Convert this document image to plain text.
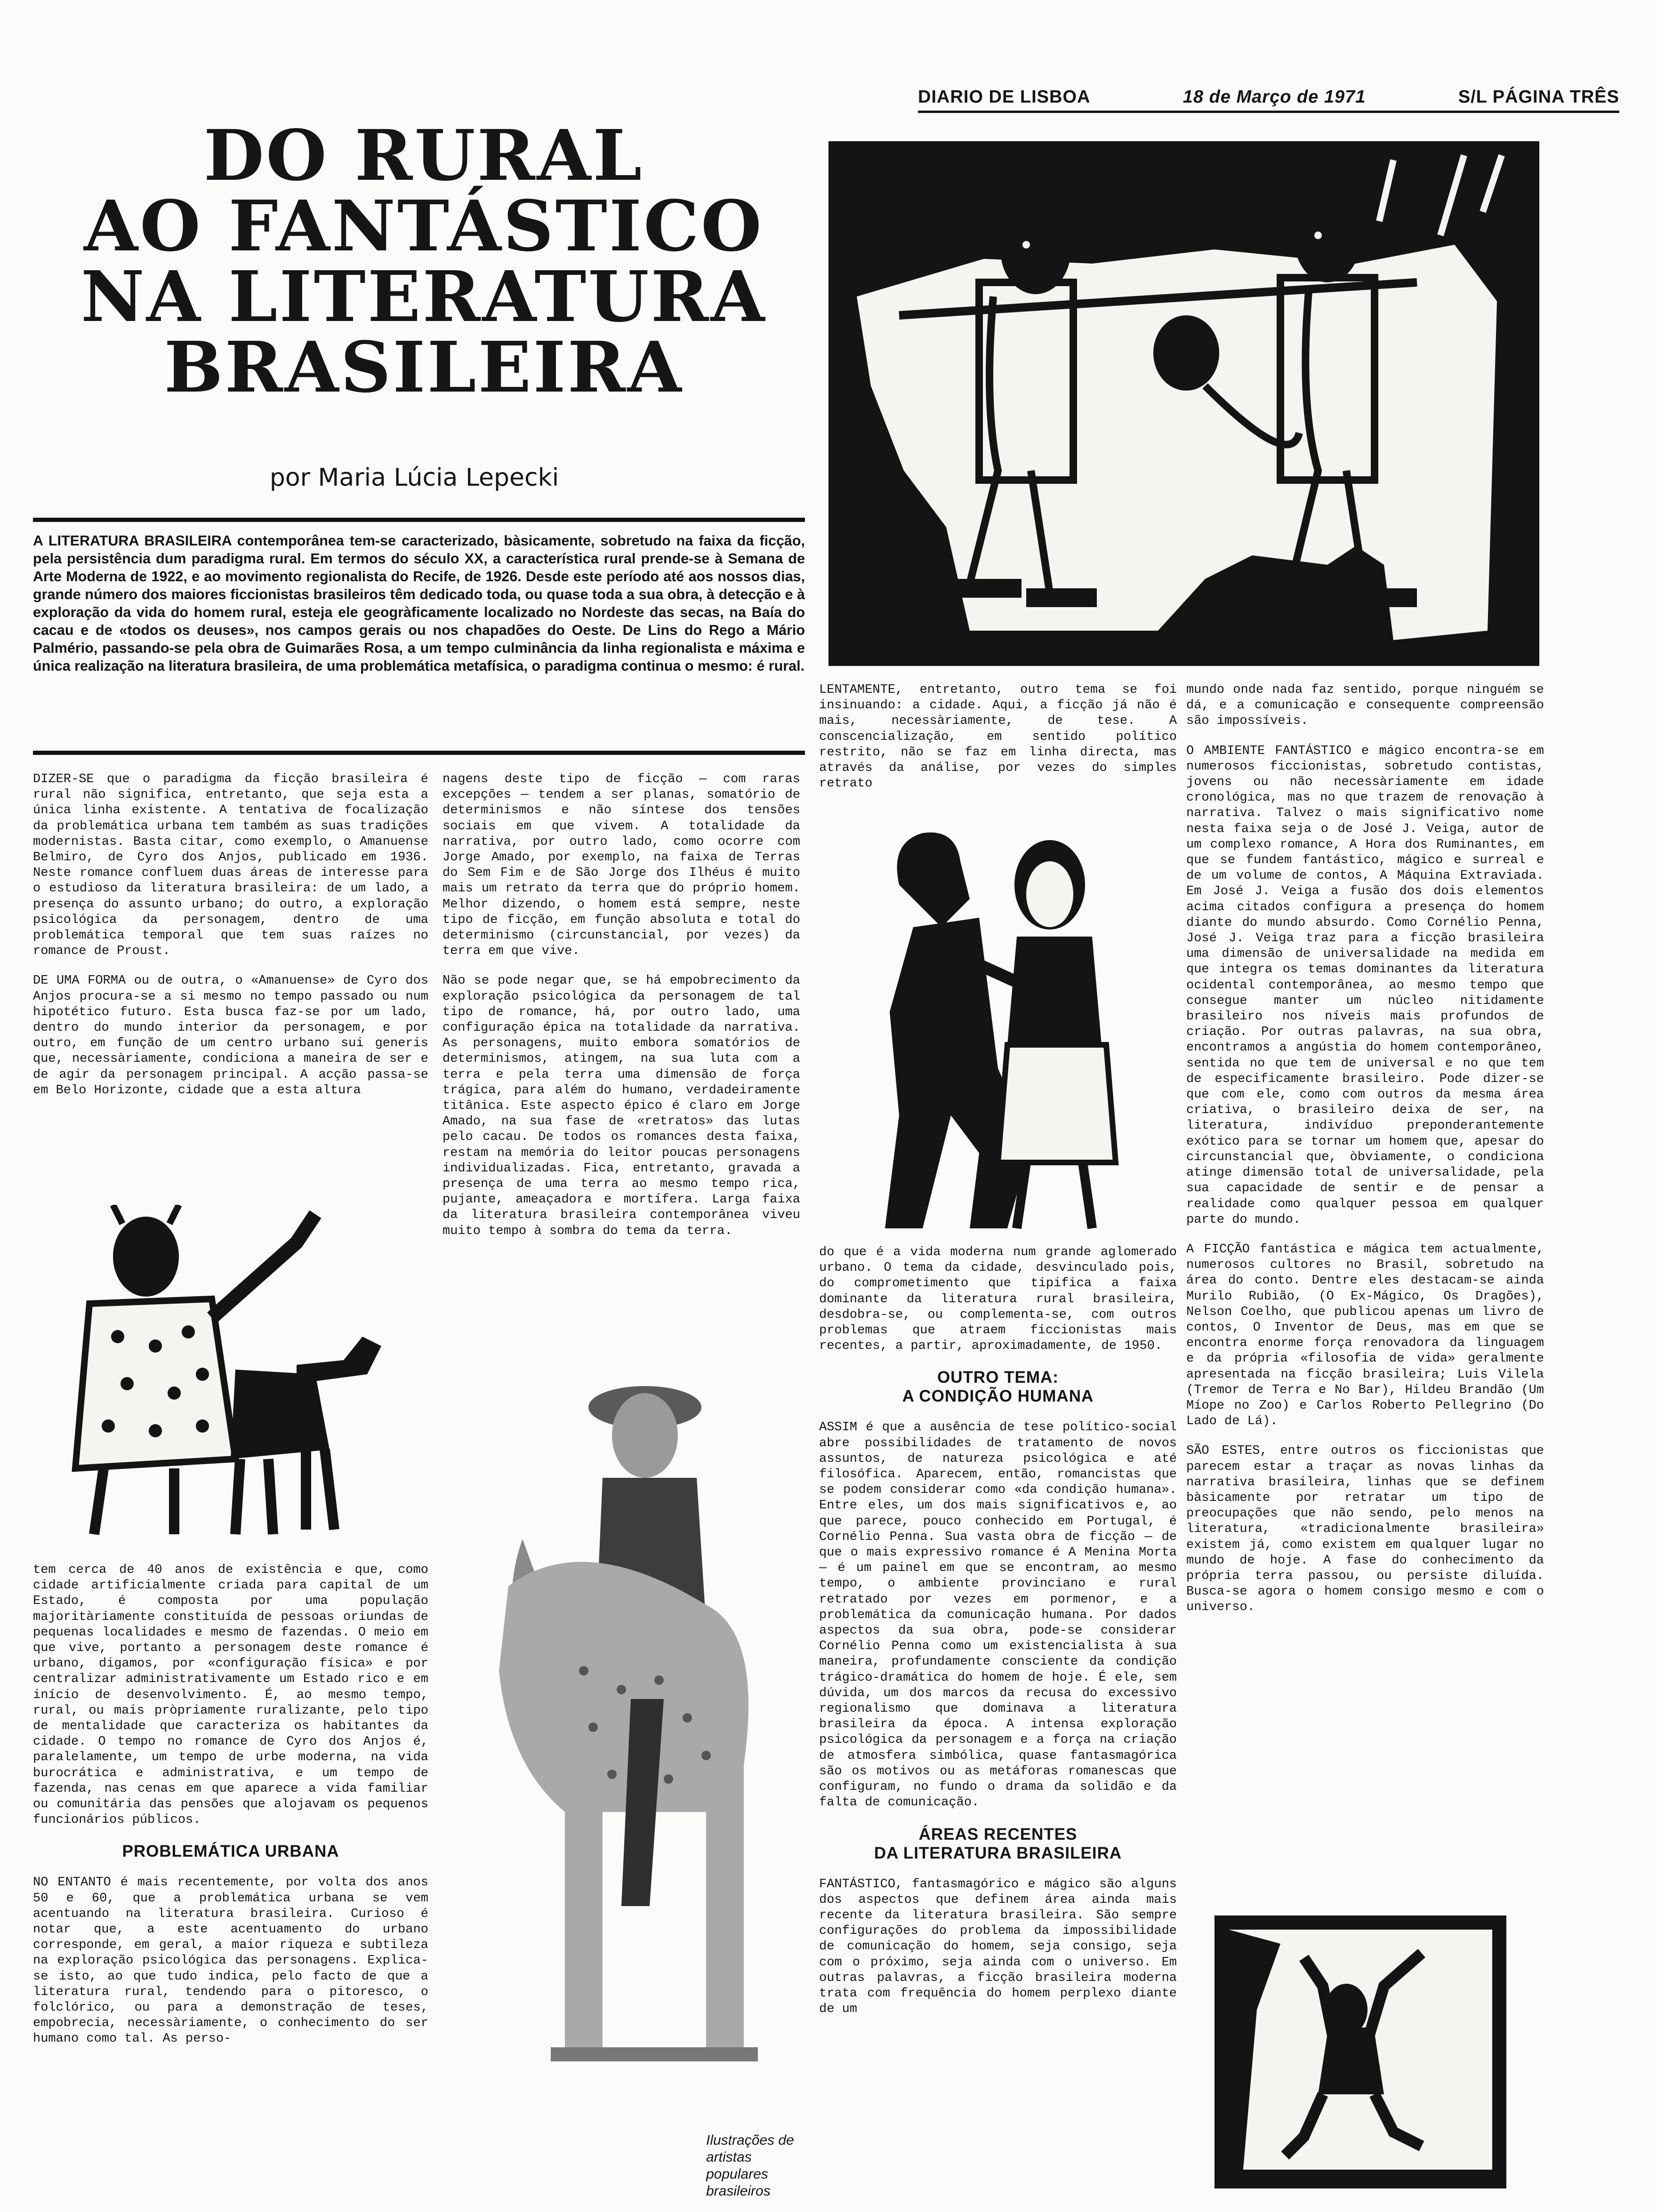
DIARIO DE LISBOA	18 de Março de 1971	S/L PÁGINA TRÊS
DO RURAL
AO FANTÁSTICO
NA LITERATURA
BRASILEIRA
por Maria Lúcia Lepecki
A LITERATURA BRASILEIRA contemporânea tem-se caracterizado, bàsicamente, sobretudo na faixa da ficção, pela persistência dum paradigma rural. Em termos do século XX, a característica rural prende-se à Semana de Arte Moderna de 1922, e ao movimento regionalista do Recife, de 1926. Desde este período até aos nossos dias, grande número dos maiores ficcionistas brasileiros têm dedicado toda, ou quase toda a sua obra, à detecção e à exploração da vida do homem rural, esteja ele geogràficamente localizado no Nordeste das secas, na Baía do cacau e de «todos os deuses», nos campos gerais ou nos chapadões do Oeste. De Lins do Rego a Mário Palmério, passando-se pela obra de Guimarães Rosa, a um tempo culminância da linha regionalista e máxima e única realização na literatura brasileira, de uma problemática metafísica, o paradigma continua o mesmo: é rural.

DIZER-SE que o paradigma da ficção brasileira é rural não significa, entretanto, que seja esta a única linha existente. A tentativa de focalização da problemática urbana tem também as suas tradições modernistas. Basta citar, como exemplo, o Amanuense Belmiro, de Cyro dos Anjos, publicado em 1936. Neste romance confluem duas áreas de interesse para o estudioso da literatura brasileira: de um lado, a presença do assunto urbano; do outro, a exploração psicológica da personagem, dentro de uma problemática temporal que tem suas raízes no romance de Proust.

DE UMA FORMA ou de outra, o «Amanuense» de Cyro dos Anjos procura-se a si mesmo no tempo passado ou num hipotético futuro. Esta busca faz-se por um lado, dentro do mundo interior da personagem, e por outro, em função de um centro urbano sui generis que, necessàriamente, condiciona a maneira de ser e de agir da personagem principal. A acção passa-se em Belo Horizonte, cidade que a esta altura

tem cerca de 40 anos de existência e que, como cidade artificialmente criada para capital de um Estado, é composta por uma população majoritàriamente constituída de pessoas oriundas de pequenas localidades e mesmo de fazendas. O meio em que vive, portanto a personagem deste romance é urbano, digamos, por «configuração física» e por centralizar administrativamente um Estado rico e em início de desenvolvimento. É, ao mesmo tempo, rural, ou mais pròpriamente ruralizante, pelo tipo de mentalidade que caracteriza os habitantes da cidade. O tempo no romance de Cyro dos Anjos é, paralelamente, um tempo de urbe moderna, na vida burocrática e administrativa, e um tempo de fazenda, nas cenas em que aparece a vida familiar ou comunitária das pensões que alojavam os pequenos funcionários públicos.

PROBLEMÁTICA URBANA

NO ENTANTO é mais recentemente, por volta dos anos 50 e 60, que a problemática urbana se vem acentuando na literatura brasileira. Curioso é notar que, a este acentuamento do urbano corresponde, em geral, a maior riqueza e subtileza na exploração psicológica das personagens. Explica-se isto, ao que tudo indica, pelo facto de que a literatura rural, tendendo para o pitoresco, o folclórico, ou para a demonstração de teses, empobrecia, necessàriamente, o conhecimento do ser humano como tal. As perso-

nagens deste tipo de ficção — com raras excepções — tendem a ser planas, somatório de determinismos e não síntese dos tensões sociais em que vivem. A totalidade da narrativa, por outro lado, como ocorre com Jorge Amado, por exemplo, na faixa de Terras do Sem Fim e de São Jorge dos Ilhéus é muito mais um retrato da terra que do próprio homem. Melhor dizendo, o homem está sempre, neste tipo de ficção, em função absoluta e total do determinismo (circunstancial, por vezes) da terra em que vive.

Não se pode negar que, se há empobrecimento da exploração psicológica da personagem de tal tipo de romance, há, por outro lado, uma configuração épica na totalidade da narrativa. As personagens, muito embora somatórios de determinismos, atingem, na sua luta com a terra e pela terra uma dimensão de força trágica, para além do humano, verdadeiramente titânica. Este aspecto épico é claro em Jorge Amado, na sua fase de «retratos» das lutas pelo cacau. De todos os romances desta faixa, restam na memória do leitor poucas personagens individualizadas. Fica, entretanto, gravada a presença de uma terra ao mesmo tempo rica, pujante, ameaçadora e mortífera. Larga faixa da literatura brasileira contemporânea viveu muito tempo à sombra do tema da terra.

Ilustrações de artistas populares brasileiros

LENTAMENTE, entretanto, outro tema se foi insinuando: a cidade. Aqui, a ficção já não é mais, necessàriamente, de tese. A conscencialização, em sentido político restrito, não se faz em linha directa, mas através da análise, por vezes do simples retrato

do que é a vida moderna num grande aglomerado urbano. O tema da cidade, desvinculado pois, do comprometimento que tipifica a faixa dominante da literatura rural brasileira, desdobra-se, ou complementa-se, com outros problemas que atraem ficcionistas mais recentes, a partir, aproximadamente, de 1950.

OUTRO TEMA:
A CONDIÇÃO HUMANA

ASSIM é que a ausência de tese político-social abre possibilidades de tratamento de novos assuntos, de natureza psicológica e até filosófica. Aparecem, então, romancistas que se podem considerar como «da condição humana». Entre eles, um dos mais significativos e, ao que parece, pouco conhecido em Portugal, é Cornélio Penna. Sua vasta obra de ficção — de que o mais expressivo romance é A Menina Morta — é um painel em que se encontram, ao mesmo tempo, o ambiente provinciano e rural retratado por vezes em pormenor, e a problemática da comunicação humana. Por dados aspectos da sua obra, pode-se considerar Cornélio Penna como um existencialista à sua maneira, profundamente consciente da condição trágico-dramática do homem de hoje. É ele, sem dúvida, um dos marcos da recusa do excessivo regionalismo que dominava a literatura brasileira da época. A intensa exploração psicológica da personagem e a força na criação de atmosfera simbólica, quase fantasmagórica são os motivos ou as metáforas romanescas que configuram, no fundo o drama da solidão e da falta de comunicação.

ÁREAS RECENTES
DA LITERATURA BRASILEIRA

FANTÁSTICO, fantasmagórico e mágico são alguns dos aspectos que definem área ainda mais recente da literatura brasileira. São sempre configurações do problema da impossibilidade de comunicação do homem, seja consigo, seja com o próximo, seja ainda com o universo. Em outras palavras, a ficção brasileira moderna trata com frequência do homem perplexo diante de um

mundo onde nada faz sentido, porque ninguém se dá, e a comunicação e consequente compreensão são impossíveis.

O AMBIENTE FANTÁSTICO e mágico encontra-se em numerosos ficcionistas, sobretudo contistas, jovens ou não necessàriamente em idade cronológica, mas no que trazem de renovação à narrativa. Talvez o mais significativo nome nesta faixa seja o de José J. Veiga, autor de um complexo romance, A Hora dos Ruminantes, em que se fundem fantástico, mágico e surreal e de um volume de contos, A Máquina Extraviada. Em José J. Veiga a fusão dos dois elementos acima citados configura a presença do homem diante do mundo absurdo. Como Cornélio Penna, José J. Veiga traz para a ficção brasileira uma dimensão de universalidade na medida em que integra os temas dominantes da literatura ocidental contemporânea, ao mesmo tempo que consegue manter um núcleo nitidamente brasileiro nos níveis mais profundos de criação. Por outras palavras, na sua obra, encontramos a angústia do homem contemporâneo, sentida no que tem de universal e no que tem de especificamente brasileiro. Pode dizer-se que com ele, como com outros da mesma área criativa, o brasileiro deixa de ser, na literatura, indivíduo preponderantemente exótico para se tornar um homem que, apesar do circunstancial que, òbviamente, o condiciona atinge dimensão total de universalidade, pela sua capacidade de sentir e de pensar a realidade como qualquer pessoa em qualquer parte do mundo.

A FICÇÃO fantástica e mágica tem actualmente, numerosos cultores no Brasil, sobretudo na área do conto. Dentre eles destacam-se ainda Murilo Rubião, (O Ex-Mágico, Os Dragões), Nelson Coelho, que publicou apenas um livro de contos, O Inventor de Deus, mas em que se encontra enorme força renovadora da linguagem e da própria «filosofia de vida» geralmente apresentada na ficção brasileira; Luis Vilela (Tremor de Terra e No Bar), Hildeu Brandão (Um Míope no Zoo) e Carlos Roberto Pellegrino (Do Lado de Lá).

SÃO ESTES, entre outros os ficcionistas que parecem estar a traçar as novas linhas da narrativa brasileira, linhas que se definem bàsicamente por retratar um tipo de preocupações que não sendo, pelo menos na literatura, «tradicionalmente brasileira» existem já, como existem em qualquer lugar no mundo de hoje. A fase do conhecimento da própria terra passou, ou persiste diluída. Busca-se agora o homem consigo mesmo e com o universo.
